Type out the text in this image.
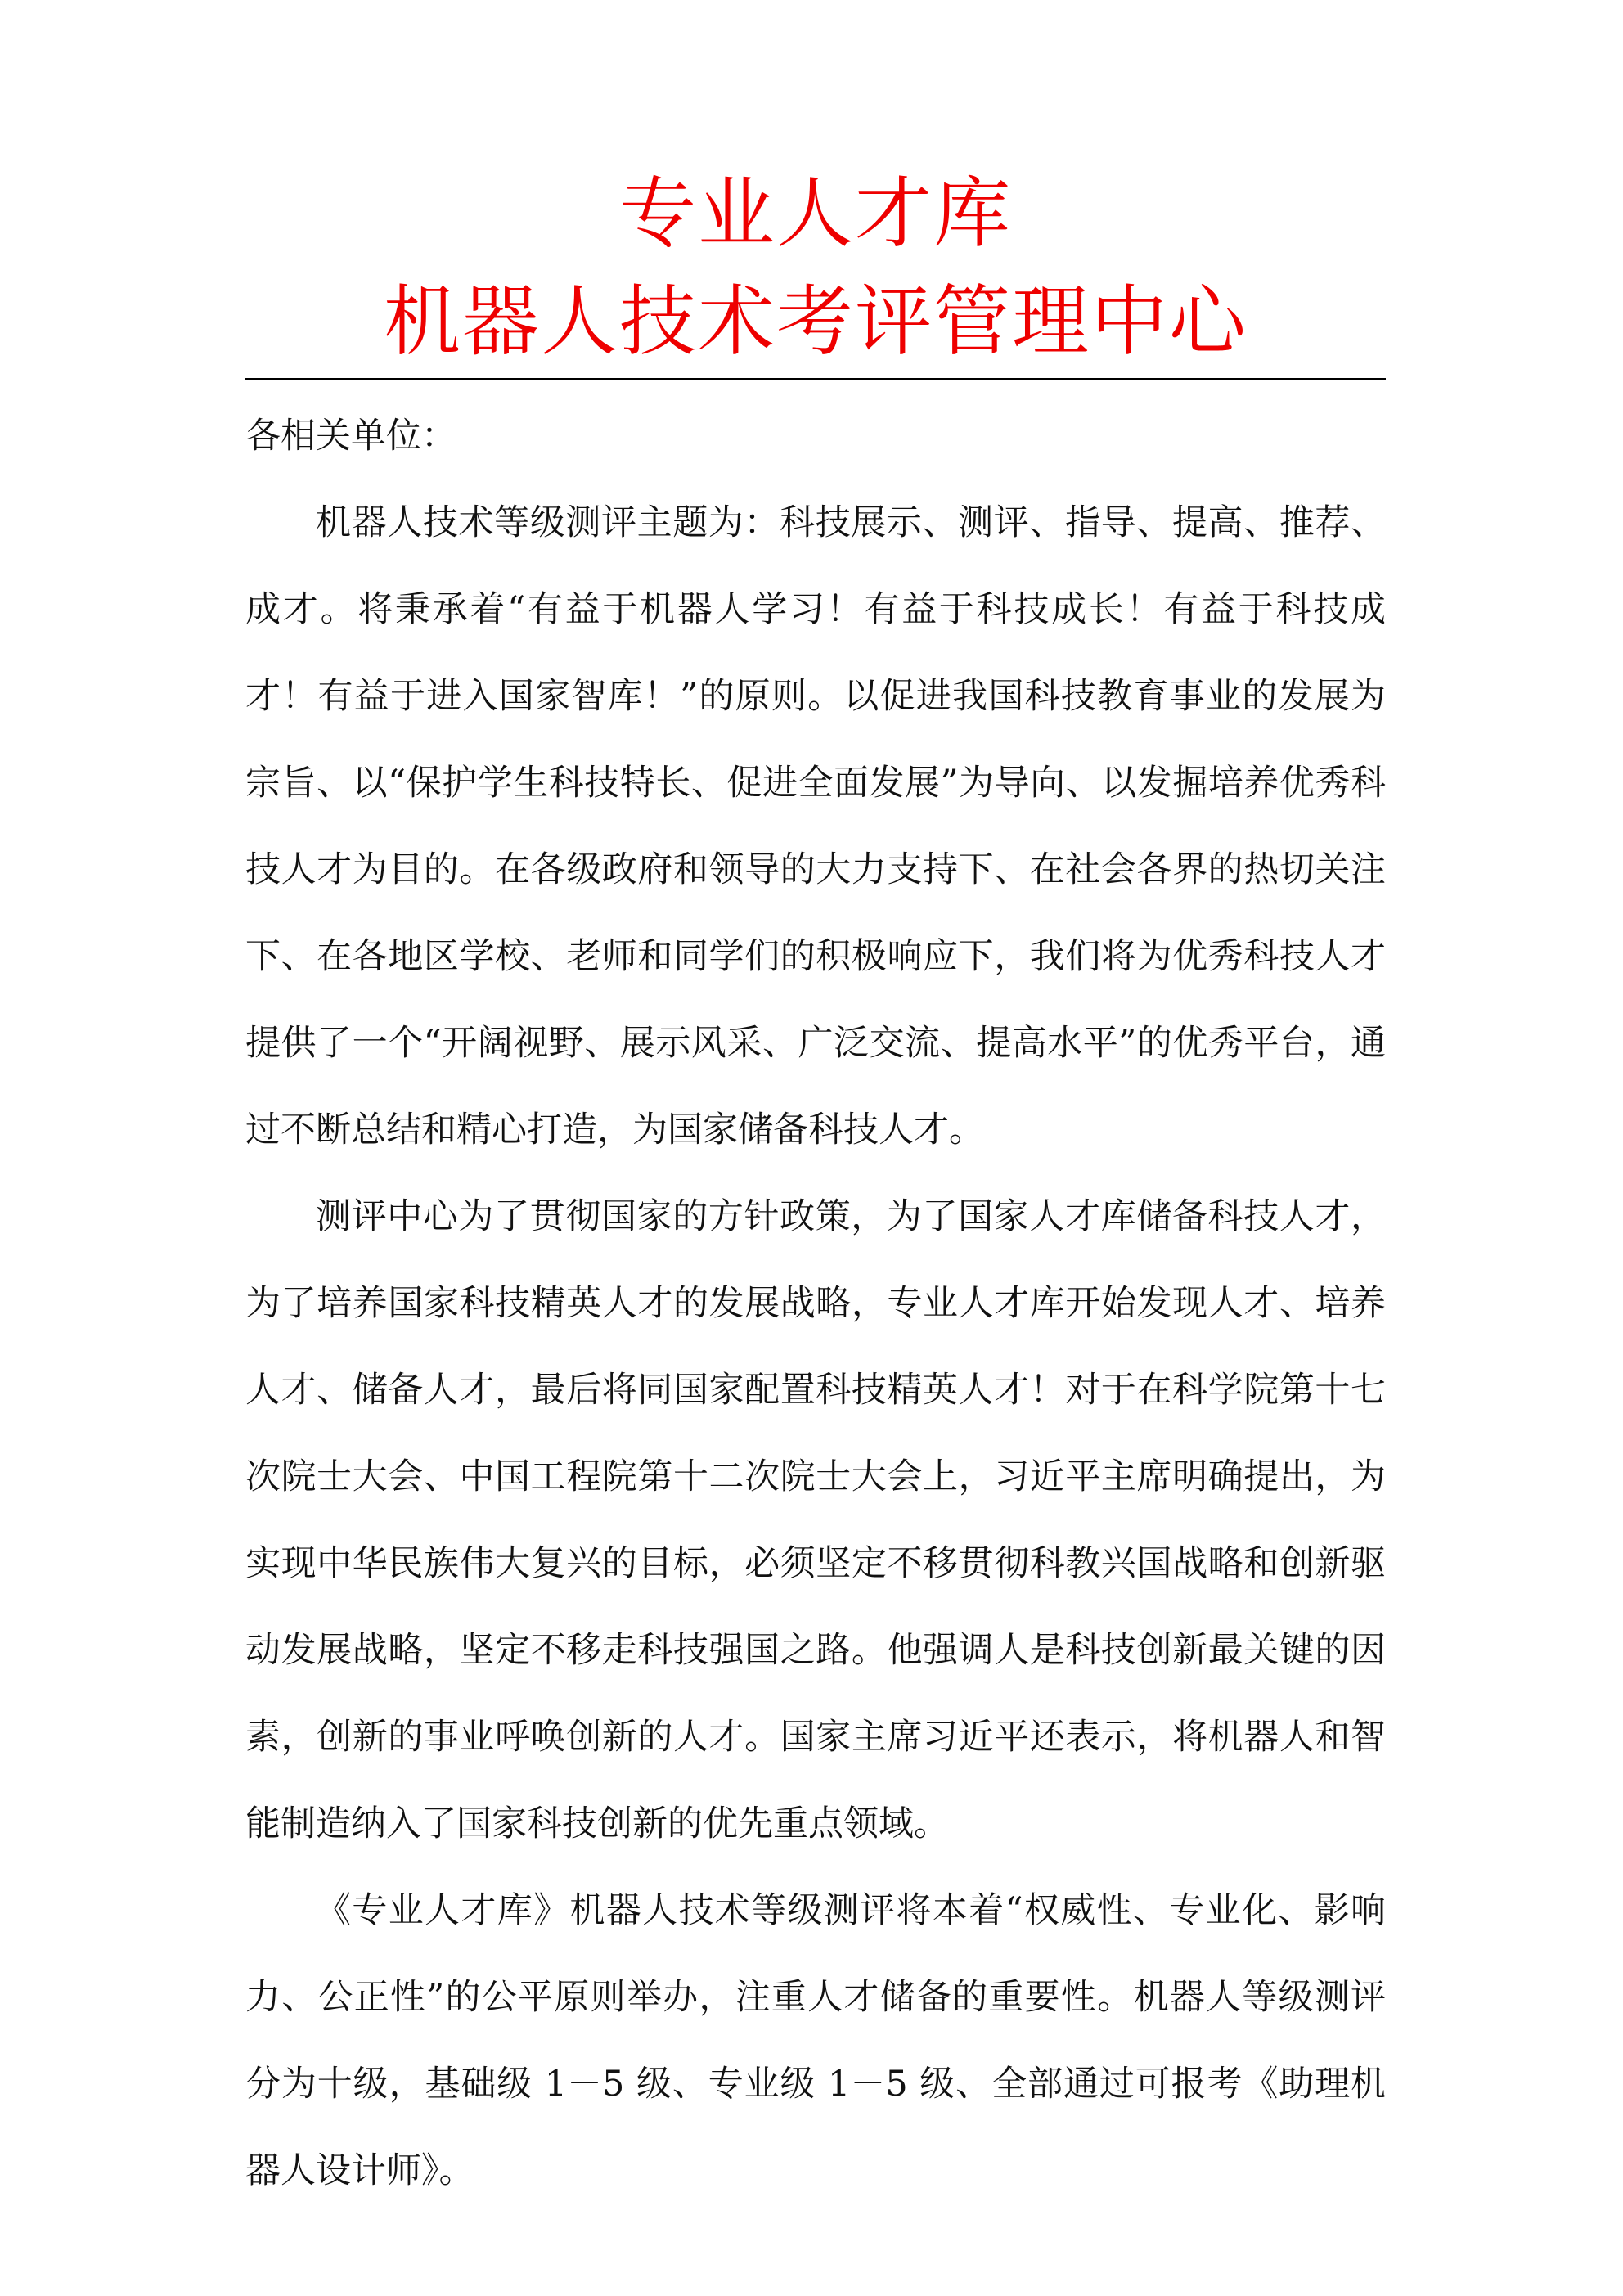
专业人才库
机器人技术考评管理中心

各相关单位：

机器人技术等级测评主题为：科技展示、测评、指导、提高、推荐、成才。将秉承着“有益于机器人学习！有益于科技成长！有益于科技成才！有益于进入国家智库！”的原则。以促进我国科技教育事业的发展为宗旨、以“保护学生科技特长、促进全面发展”为导向、以发掘培养优秀科技人才为目的。在各级政府和领导的大力支持下、在社会各界的热切关注下、在各地区学校、老师和同学们的积极响应下，我们将为优秀科技人才提供了一个“开阔视野、展示风采、广泛交流、提高水平”的优秀平台，通过不断总结和精心打造，为国家储备科技人才。

测评中心为了贯彻国家的方针政策，为了国家人才库储备科技人才，为了培养国家科技精英人才的发展战略，专业人才库开始发现人才、培养人才、储备人才，最后将同国家配置科技精英人才！对于在科学院第十七次院士大会、中国工程院第十二次院士大会上，习近平主席明确提出，为实现中华民族伟大复兴的目标，必须坚定不移贯彻科教兴国战略和创新驱动发展战略，坚定不移走科技强国之路。他强调人是科技创新最关键的因素，创新的事业呼唤创新的人才。国家主席习近平还表示，将机器人和智能制造纳入了国家科技创新的优先重点领域。

《专业人才库》机器人技术等级测评将本着“权威性、专业化、影响力、公正性”的公平原则举办，注重人才储备的重要性。机器人等级测评分为十级，基础级 1－5 级、专业级 1－5 级、全部通过可报考《助理机器人设计师》。
